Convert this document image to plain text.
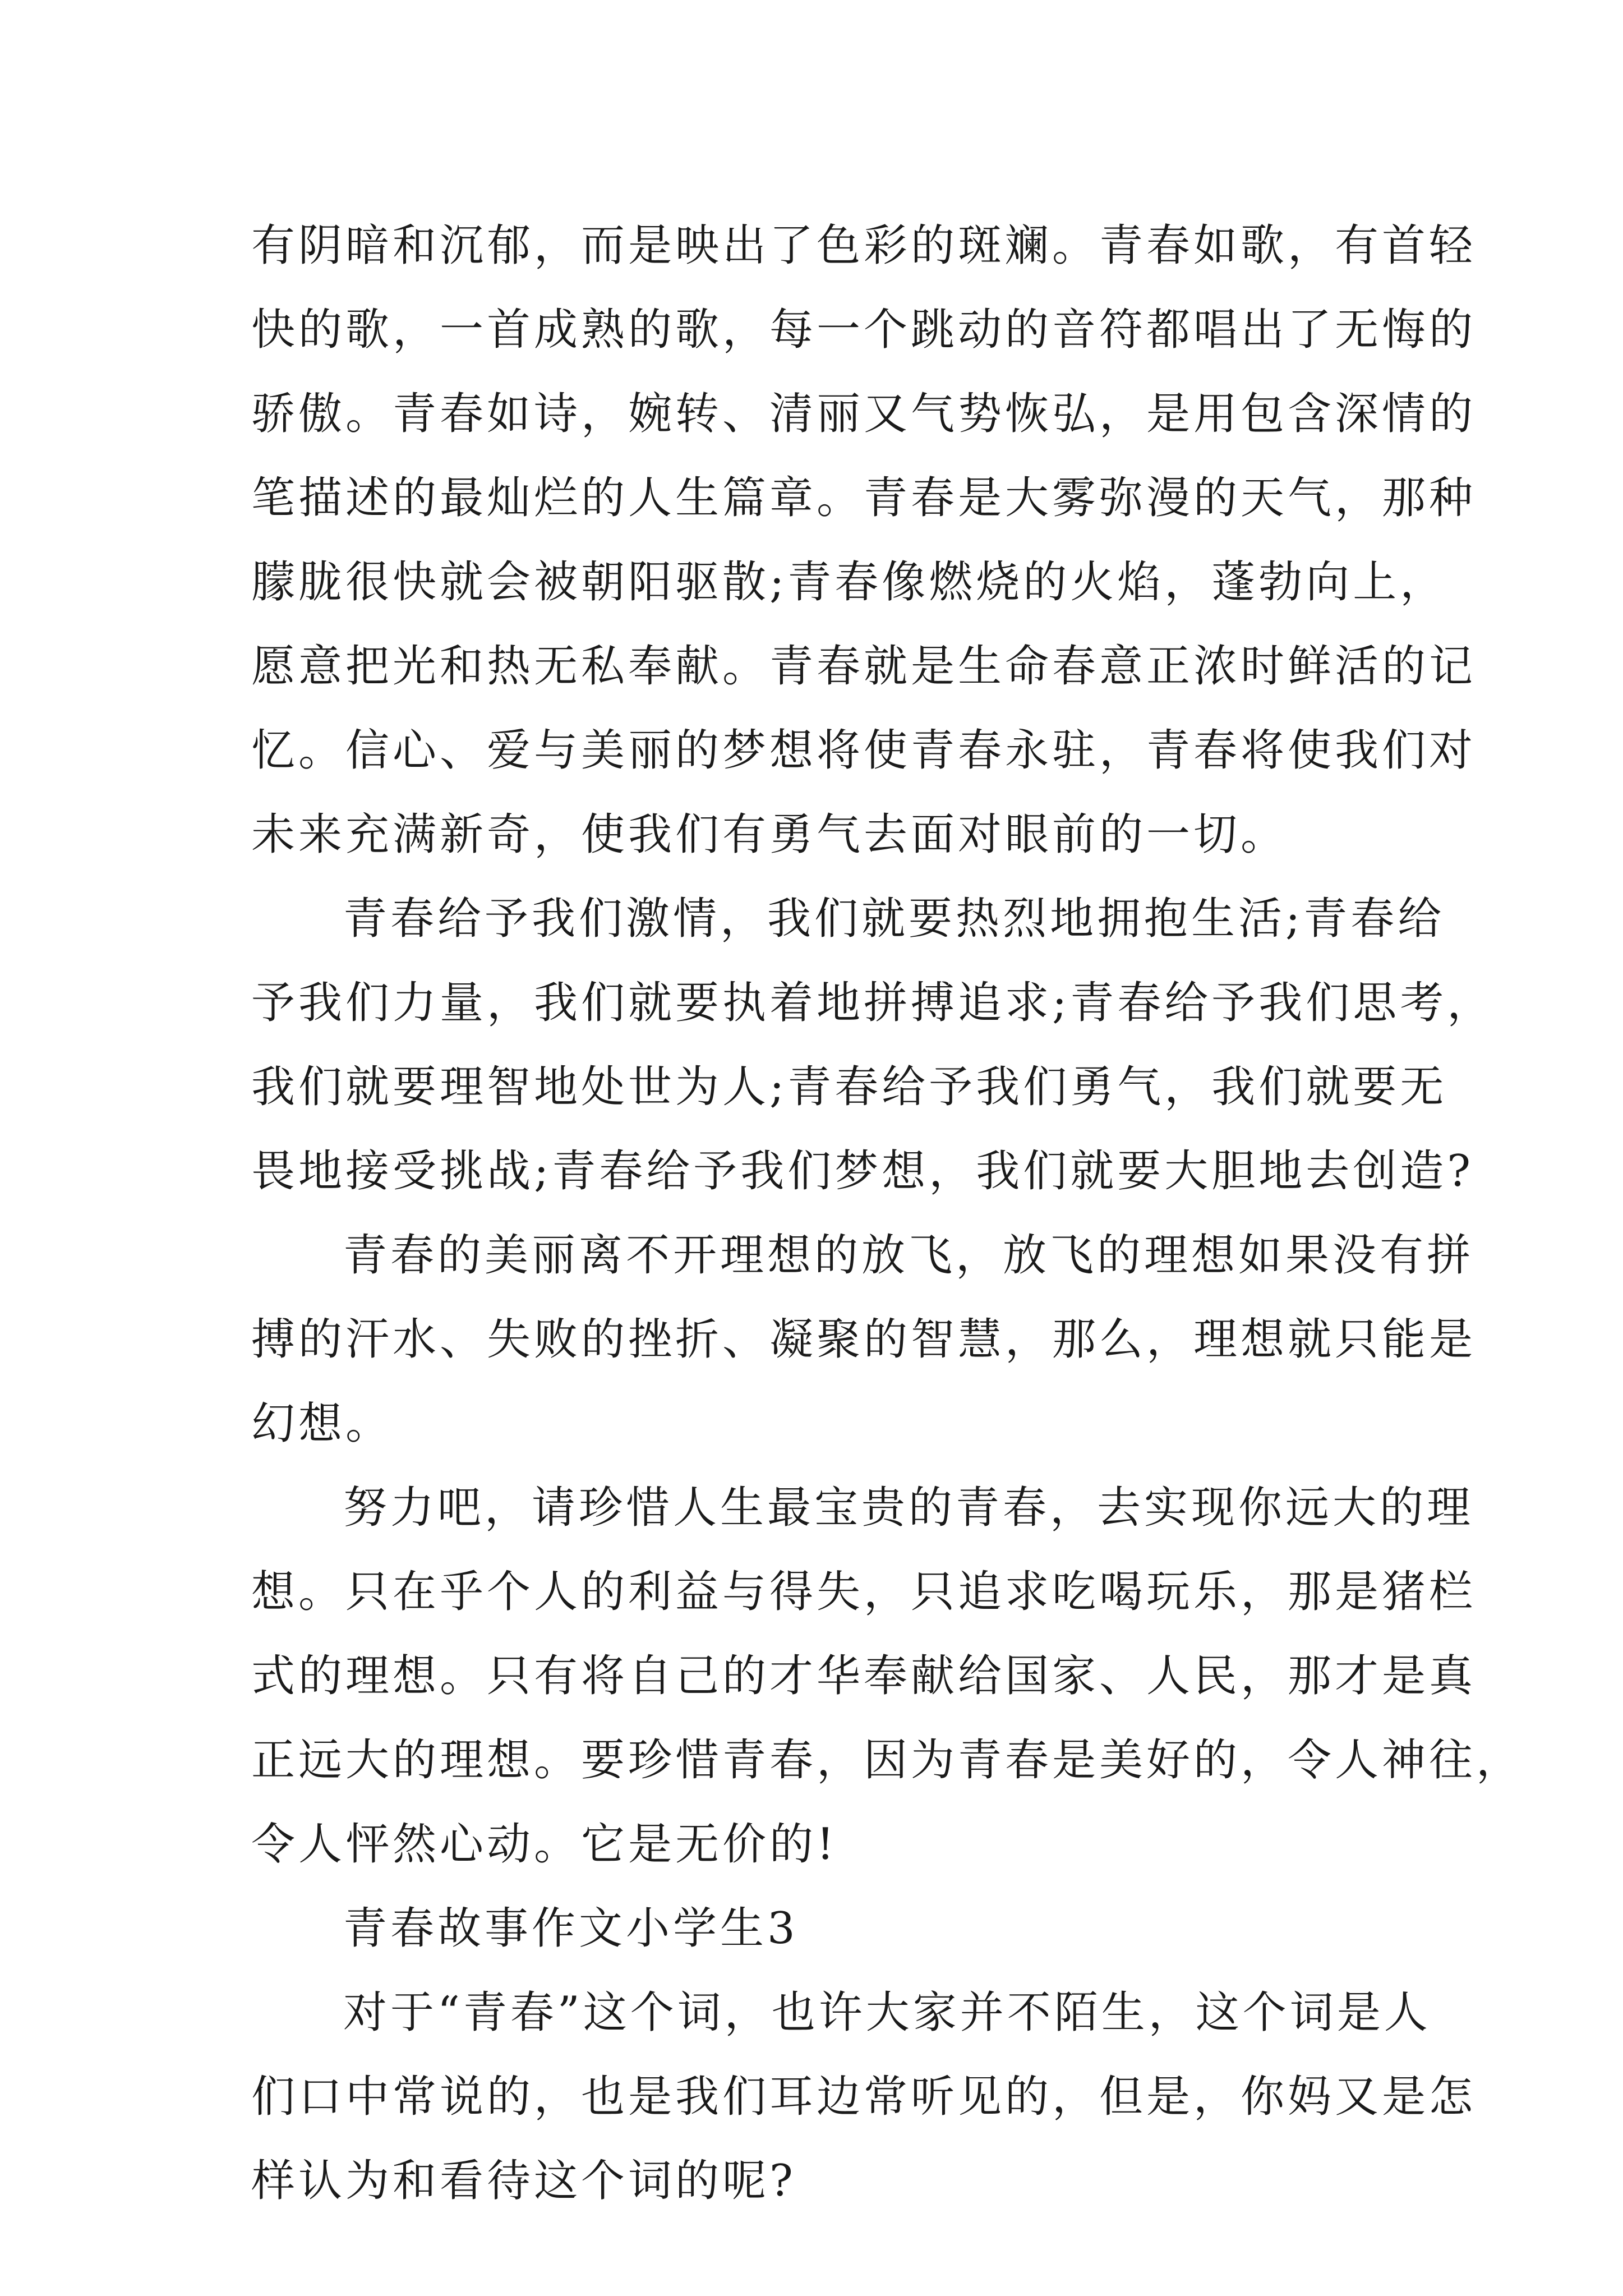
有阴暗和沉郁，而是映出了色彩的斑斓。青春如歌，有首轻
快的歌，一首成熟的歌，每一个跳动的音符都唱出了无悔的
骄傲。青春如诗，婉转、清丽又气势恢弘，是用包含深情的
笔描述的最灿烂的人生篇章。青春是大雾弥漫的天气，那种
朦胧很快就会被朝阳驱散;青春像燃烧的火焰，蓬勃向上，
愿意把光和热无私奉献。青春就是生命春意正浓时鲜活的记
忆。信心、爱与美丽的梦想将使青春永驻，青春将使我们对
未来充满新奇，使我们有勇气去面对眼前的一切。
青春给予我们激情，我们就要热烈地拥抱生活;青春给
予我们力量，我们就要执着地拼搏追求;青春给予我们思考，
我们就要理智地处世为人;青春给予我们勇气，我们就要无
畏地接受挑战;青春给予我们梦想，我们就要大胆地去创造?
青春的美丽离不开理想的放飞，放飞的理想如果没有拼
搏的汗水、失败的挫折、凝聚的智慧，那么，理想就只能是
幻想。
努力吧，请珍惜人生最宝贵的青春，去实现你远大的理
想。只在乎个人的利益与得失，只追求吃喝玩乐，那是猪栏
式的理想。只有将自己的才华奉献给国家、人民，那才是真
正远大的理想。要珍惜青春，因为青春是美好的，令人神往，
令人怦然心动。它是无价的!
青春故事作文小学生3
对于“青春”这个词，也许大家并不陌生，这个词是人
们口中常说的，也是我们耳边常听见的，但是，你妈又是怎
样认为和看待这个词的呢?
